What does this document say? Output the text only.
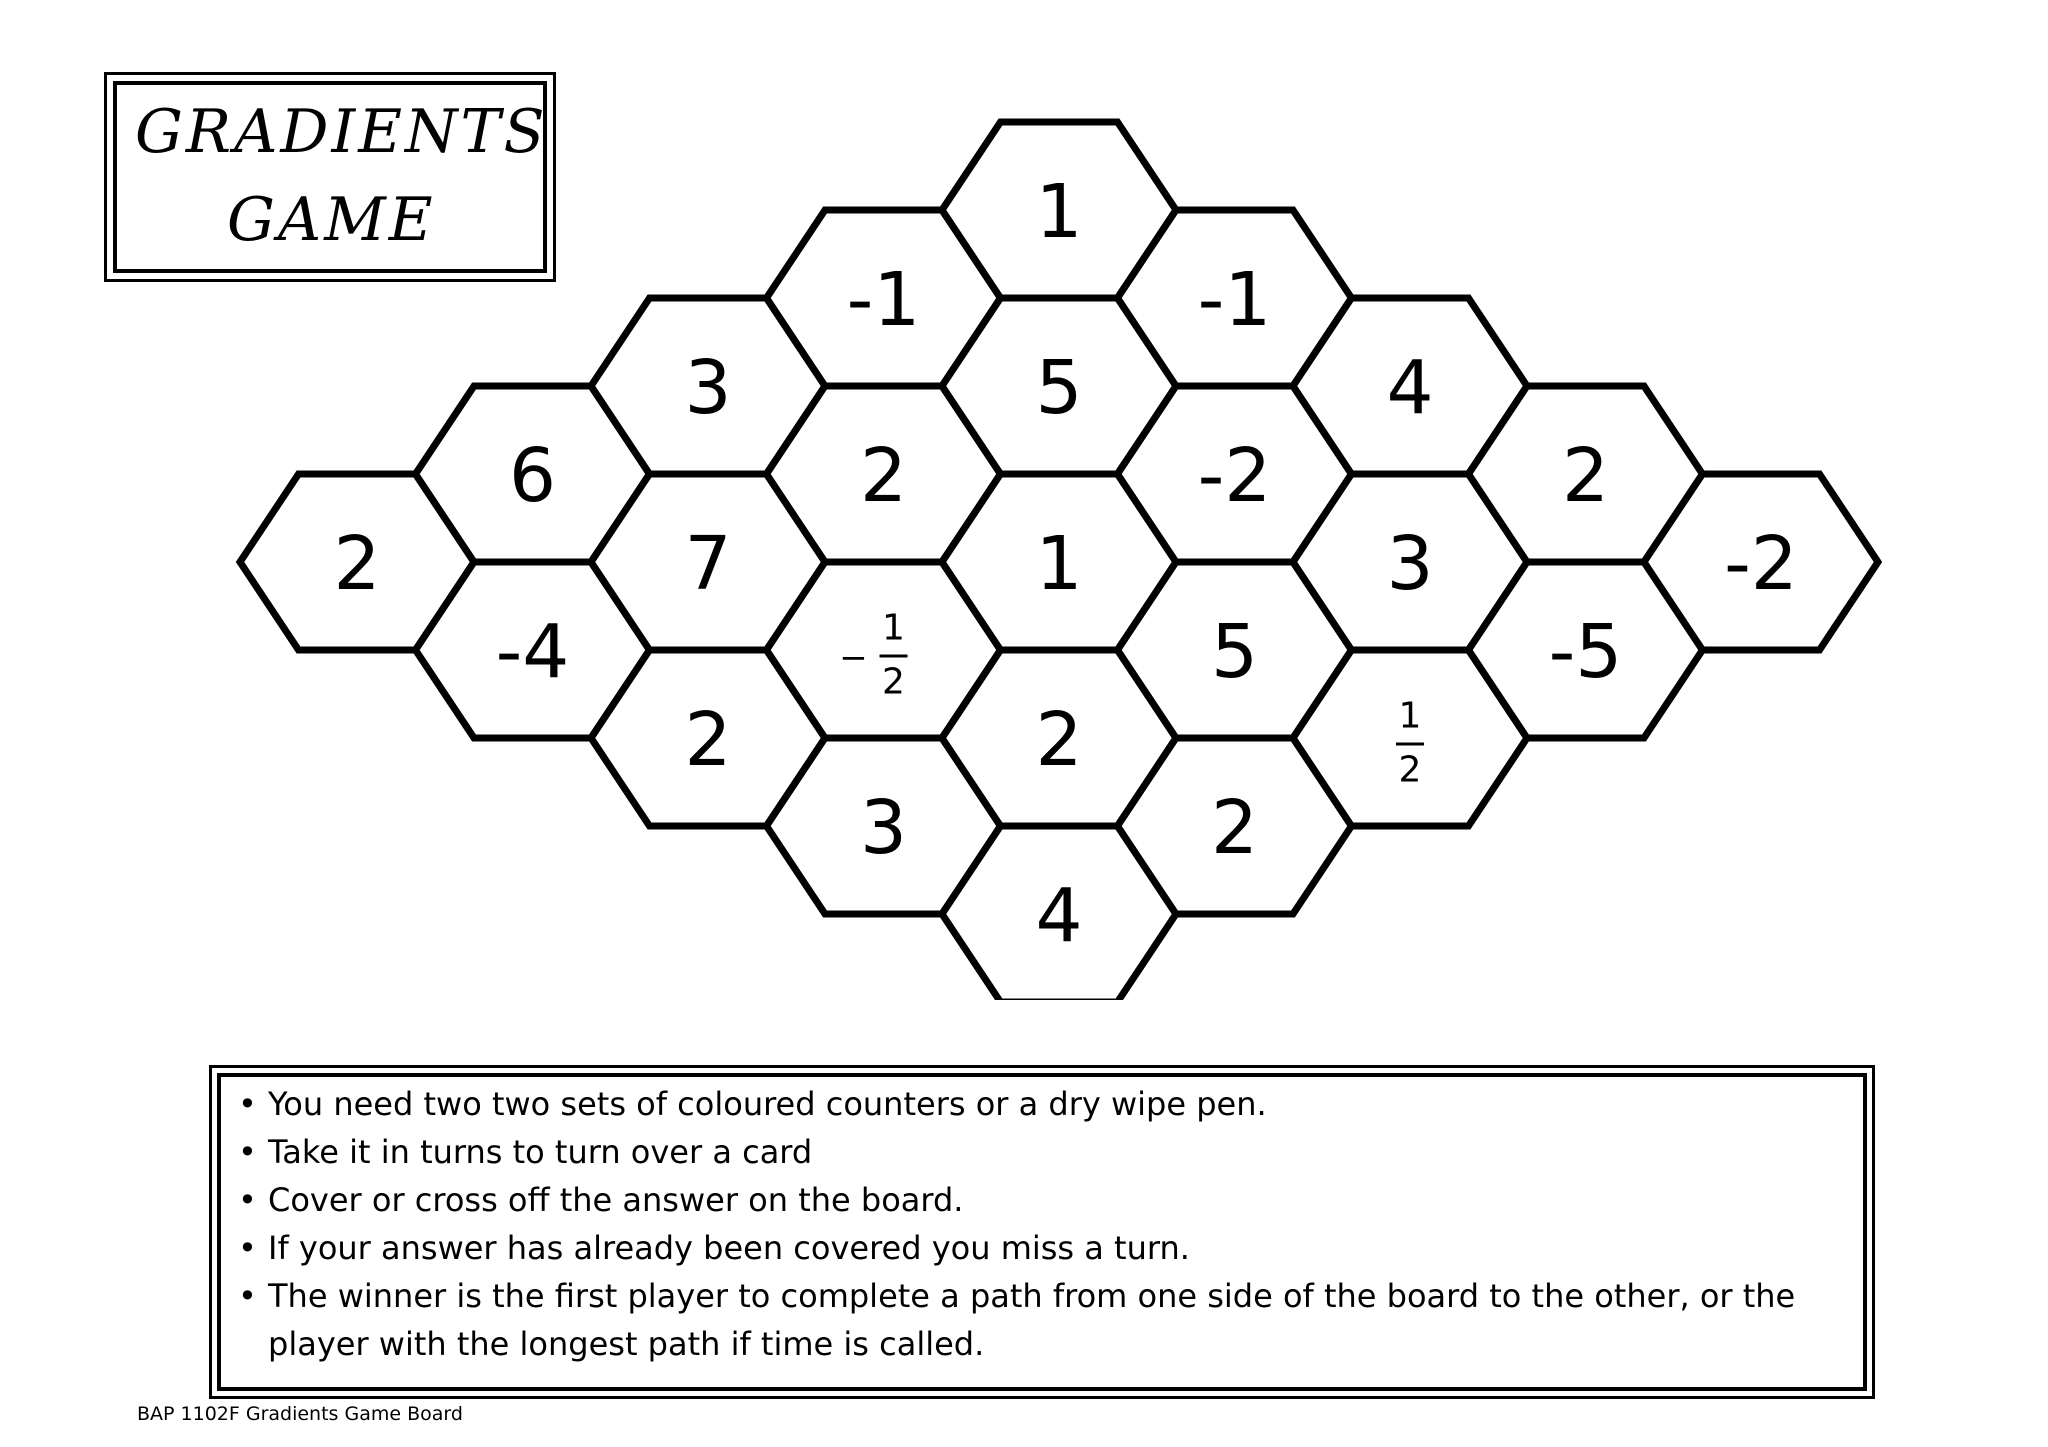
GRADIENTS
GAME
2
6
-4
3
7
2
-1
2
−
1
2
3
1
5
1
2
4
-1
-2
5
2
4
3
1
2
2
-5
-2
• You need two two sets of coloured counters or a dry wipe pen.
• Take it in turns to turn over a card
• Cover or cross off the answer on the board.
• If your answer has already been covered you miss a turn.
• The winner is the first player to complete a path from one side of the board to the other, or the player with the longest path if time is called.
BAP 1102F Gradients Game Board
